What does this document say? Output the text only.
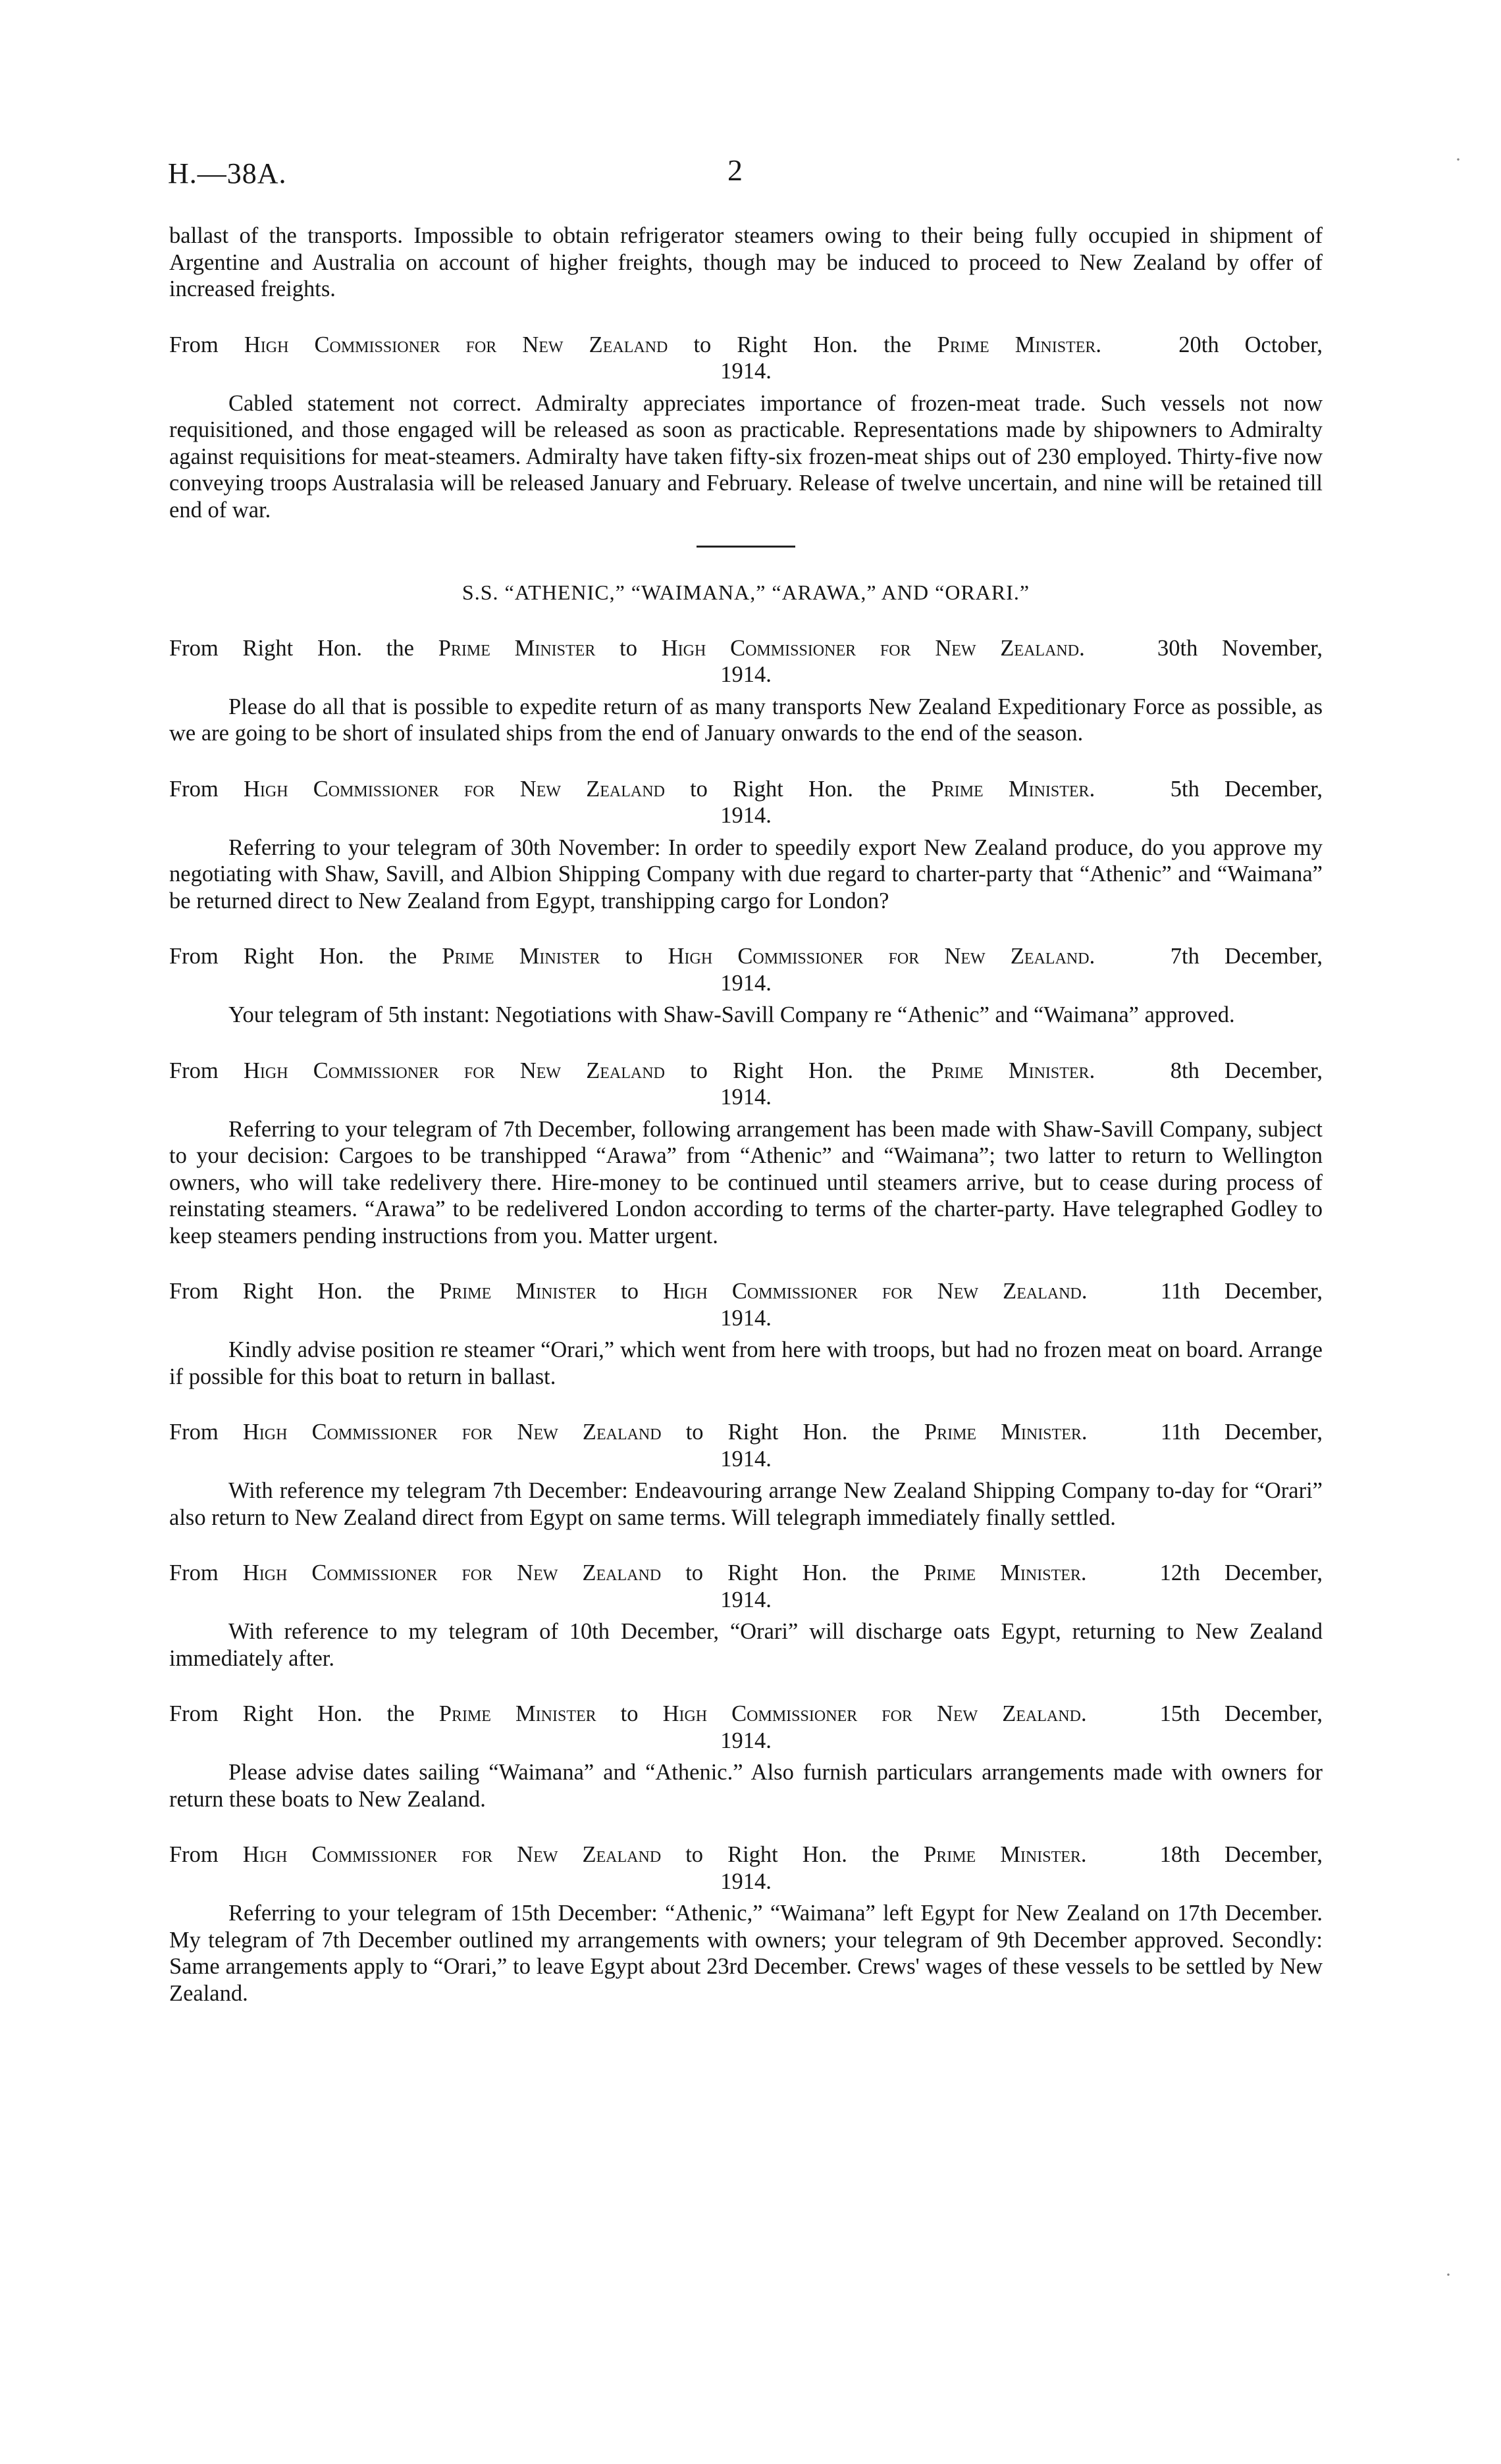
H.—38A.	2	·
·

ballast of the transports. Impossible to obtain refrigerator steamers owing to their being fully occupied in shipment of Argentine and Australia on account of higher freights, though may be induced to proceed to New Zealand by offer of increased freights.

From High Commissioner for New Zealand to Right Hon. the Prime Minister.   20th October,

1914.

Cabled statement not correct. Admiralty appreciates importance of frozen-meat trade. Such vessels not now requisitioned, and those engaged will be released as soon as practicable. Representations made by shipowners to Admiralty against requisitions for meat-steamers. Admiralty have taken fifty-six frozen-meat ships out of 230 employed. Thirty-five now conveying troops Australasia will be released January and February. Release of twelve uncertain, and nine will be retained till end of war.

S.S. “ATHENIC,” “WAIMANA,” “ARAWA,” AND “ORARI.”

From Right Hon. the Prime Minister to High Commissioner for New Zealand.	30th November,

1914.

Please do all that is possible to expedite return of as many transports New Zealand Expeditionary Force as possible, as we are going to be short of insulated ships from the end of January onwards to the end of the season.

From High Commissioner for New Zealand to Right Hon. the Prime Minister.	5th December,

1914.

Referring to your telegram of 30th November: In order to speedily export New Zealand produce, do you approve my negotiating with Shaw, Savill, and Albion Shipping Company with due regard to charter-party that “Athenic” and “Waimana” be returned direct to New Zealand from Egypt, transhipping cargo for London?

From Right Hon. the Prime Minister to High Commissioner for New Zealand.	7th December,

1914.

Your telegram of 5th instant: Negotiations with Shaw-Savill Company re “Athenic” and “Waimana” approved.

From High Commissioner for New Zealand to Right Hon. the Prime Minister.	8th December,

1914.

Referring to your telegram of 7th December, following arrangement has been made with Shaw-Savill Company, subject to your decision: Cargoes to be transhipped “Arawa” from “Athenic” and “Waimana”; two latter to return to Wellington owners, who will take redelivery there. Hire-money to be continued until steamers arrive, but to cease during process of reinstating steamers. “Arawa” to be redelivered London according to terms of the charter-party. Have telegraphed Godley to keep steamers pending instructions from you. Matter urgent.

From Right Hon. the Prime Minister to High Commissioner for New Zealand.	11th December,

1914.

Kindly advise position re steamer “Orari,” which went from here with troops, but had no frozen meat on board. Arrange if possible for this boat to return in ballast.

From High Commissioner for New Zealand to Right Hon. the Prime Minister.	11th December,

1914.

With reference my telegram 7th December: Endeavouring arrange New Zealand Shipping Company to-day for “Orari” also return to New Zealand direct from Egypt on same terms. Will telegraph immediately finally settled.

From High Commissioner for New Zealand to Right Hon. the Prime Minister.	12th December,

1914.

With reference to my telegram of 10th December, “Orari” will discharge oats Egypt, returning to New Zealand immediately after.

From Right Hon. the Prime Minister to High Commissioner for New Zealand.	15th December,

1914.

Please advise dates sailing “Waimana” and “Athenic.” Also furnish particulars arrangements made with owners for return these boats to New Zealand.

From High Commissioner for New Zealand to Right Hon. the Prime Minister.	18th December,

1914.

Referring to your telegram of 15th December: “Athenic,” “Waimana” left Egypt for New Zealand on 17th December. My telegram of 7th December outlined my arrangements with owners; your telegram of 9th December approved. Secondly: Same arrangements apply to “Orari,” to leave Egypt about 23rd December. Crews' wages of these vessels to be settled by New Zealand.
